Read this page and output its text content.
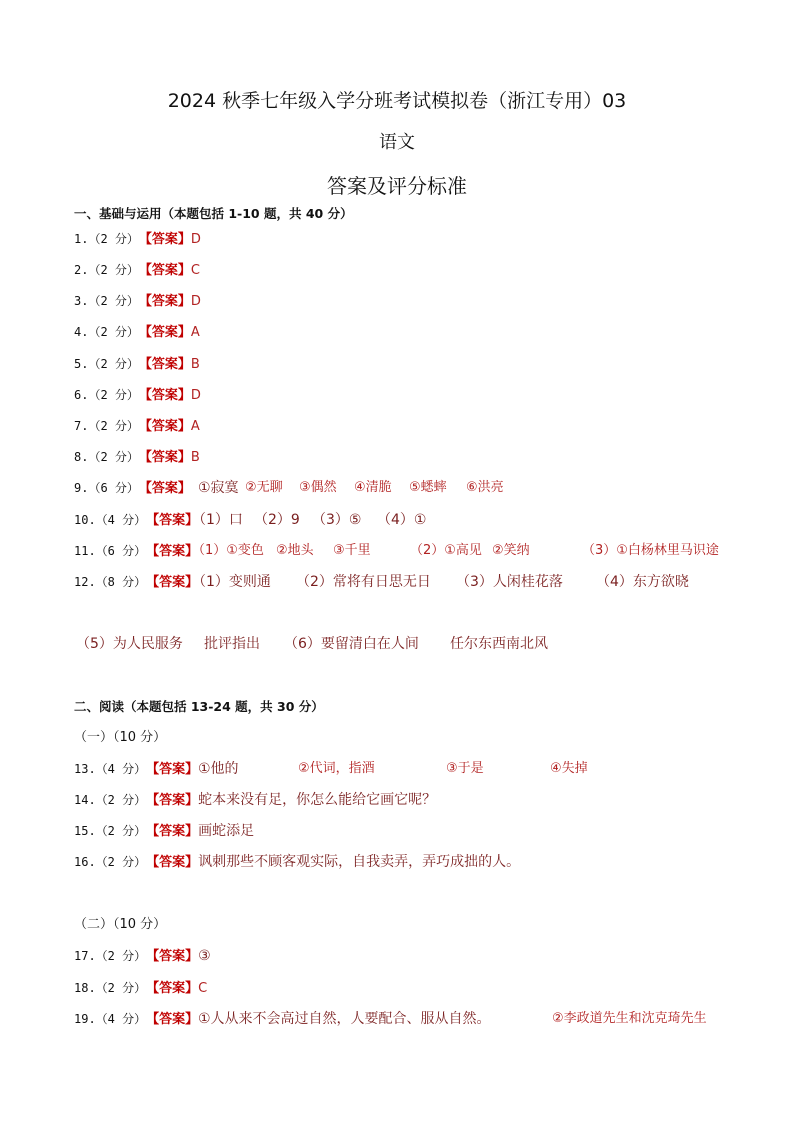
2024 秋季七年级入学分班考试模拟卷（浙江专用）03
语文
答案及评分标准
一、基础与运用（本题包括 1-10 题，共 40 分）
1.（2 分）【答案】D
2.（2 分）【答案】C
3.（2 分）【答案】D
4.（2 分）【答案】A
5.（2 分）【答案】B
6.（2 分）【答案】D
7.（2 分）【答案】A
8.（2 分）【答案】B
9.（6 分）【答案】 ①寂寞 ②无聊 ③偶然 ④清脆 ⑤蟋蟀 ⑥洪亮
10.（4 分）【答案】
（1）口 （2）9 （3）⑤ （4）①
11.（6 分）【答案】
（1）①变色 ②地头 ③千里	（2）①高见 ②笑纳	（3）①白杨林里马识途
12.（8 分）【答案】
（1）变则通 （2）常将有日思无日 （3）人闲桂花落 （4）东方欲晓
（5）为人民服务 批评指出 （6）要留清白在人间 任尔东西南北风
二、阅读（本题包括 13-24 题，共 30 分）
（一）（10 分）
13.（4 分）【答案】 ①他的	②代词，指酒	③于是	④失掉
14.（2 分）【答案】蛇本来没有足，你怎么能给它画它呢？
15.（2 分）【答案】画蛇添足
16.（2 分）【答案】讽刺那些不顾客观实际，自我卖弄，弄巧成拙的人。
（二）（10 分）
17.（2 分）【答案】③
18.（2 分）【答案】C
19.（4 分）【答案】 ①人从来不会高过自然，人要配合、服从自然。	②李政道先生和沈克琦先生
